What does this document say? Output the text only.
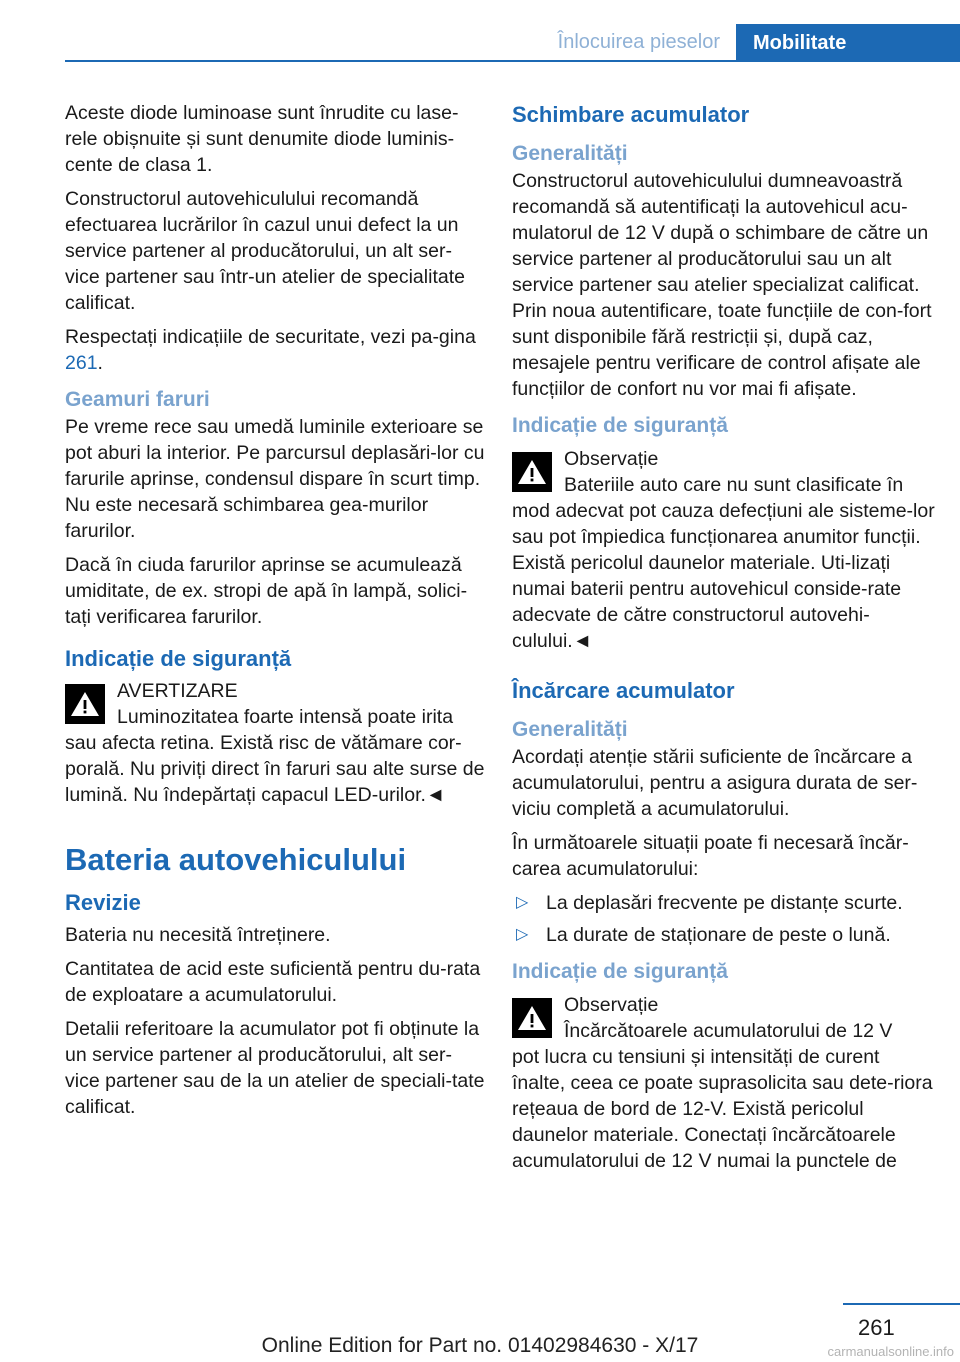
Înlocuirea pieselor	Mobilitate

Aceste diode luminoase sunt înrudite cu lase-rele obișnuite și sunt denumite diode luminis-cente de clasa 1.

Constructorul autovehiculului recomandă efectuarea lucrărilor în cazul unui defect la un service partener al producătorului, un alt ser-vice partener sau într-un atelier de specialitate calificat.

Respectați indicațiile de securitate, vezi pa-gina 261.

Geamuri faruri

Pe vreme rece sau umedă luminile exterioare se pot aburi la interior. Pe parcursul deplasări-lor cu farurile aprinse, condensul dispare în scurt timp. Nu este necesară schimbarea gea-murilor farurilor.

Dacă în ciuda farurilor aprinse se acumulează umiditate, de ex. stropi de apă în lampă, solici-tați verificarea farurilor.

Indicație de siguranță

AVERTIZARE

Luminozitatea foarte intensă poate irita

sau afecta retina. Există risc de vătămare cor-porală. Nu priviți direct în faruri sau alte surse de lumină. Nu îndepărtați capacul LED-urilor.◄

Bateria autovehiculului
Revizie

Bateria nu necesită întreținere.

Cantitatea de acid este suficientă pentru du-rata de exploatare a acumulatorului.

Detalii referitoare la acumulator pot fi obținute la un service partener al producătorului, alt ser-vice partener sau de la un atelier de speciali-tate calificat.

Schimbare acumulator
Generalități

Constructorul autovehiculului dumneavoastră recomandă să autentificați la autovehicul acu-mulatorul de 12 V după o schimbare de către un service partener al producătorului sau un alt service partener sau atelier specializat calificat. Prin noua autentificare, toate funcțiile de con-fort sunt disponibile fără restricții și, după caz, mesajele pentru verificare de control afișate ale funcțiilor de confort nu vor mai fi afișate.

Indicație de siguranță

Observație

Bateriile auto care nu sunt clasificate în

mod adecvat pot cauza defecțiuni ale sisteme-lor sau pot împiedica funcționarea anumitor funcții. Există pericolul daunelor materiale. Uti-lizați numai baterii pentru autovehicul conside-rate adecvate de către constructorul autovehi-culului.◄

Încărcare acumulator
Generalități

Acordați atenție stării suficiente de încărcare a acumulatorului, pentru a asigura durata de ser-viciu completă a acumulatorului.

În următoarele situații poate fi necesară încăr-carea acumulatorului:

▷ La deplasări frecvente pe distanțe scurte.
▷ La durate de staționare de peste o lună.
Indicație de siguranță

Observație

Încărcătoarele acumulatorului de 12 V

pot lucra cu tensiuni și intensități de curent înalte, ceea ce poate suprasolicita sau dete-riora rețeaua de bord de 12-V. Există pericolul daunelor materiale. Conectați încărcătoarele acumulatorului de 12 V numai la punctele de

261
Online Edition for Part no. 01402984630 - X/17	carmanualsonline.info
